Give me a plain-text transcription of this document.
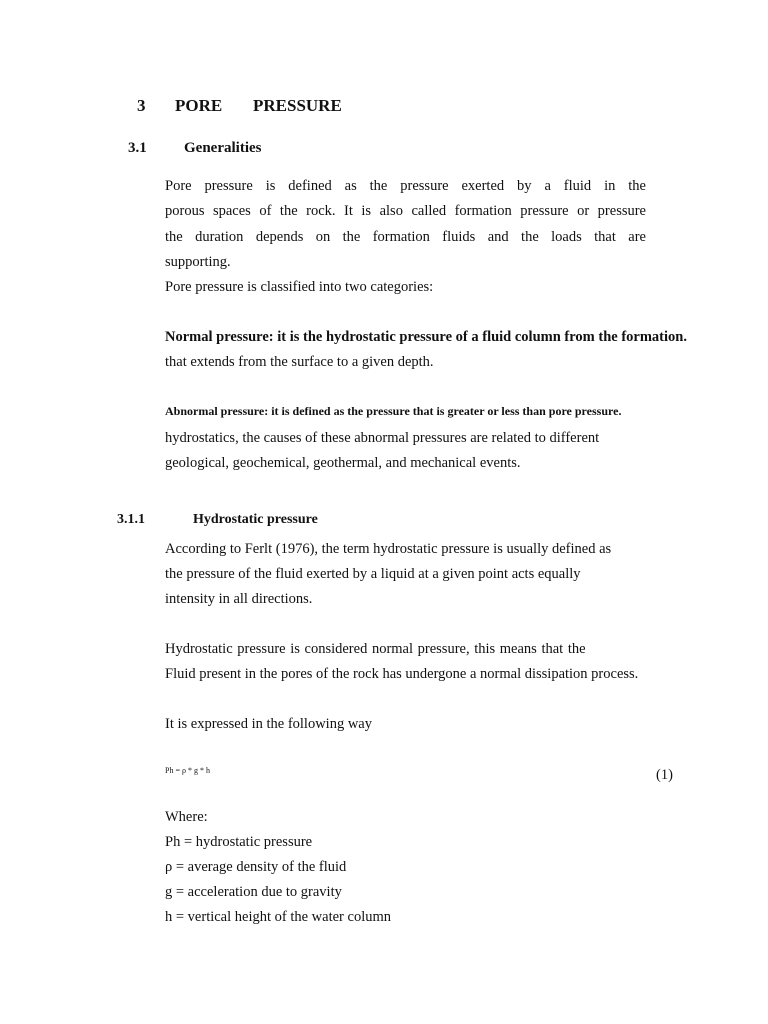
3 PORE PRESSURE
3.1 Generalities
Pore pressure is defined as the pressure exerted by a fluid in the
porous spaces of the rock. It is also called formation pressure or pressure
the duration depends on the formation fluids and the loads that are
supporting.
Pore pressure is classified into two categories:
Normal pressure: it is the hydrostatic pressure of a fluid column from the formation.
that extends from the surface to a given depth.
Abnormal pressure: it is defined as the pressure that is greater or less than pore pressure.
hydrostatics, the causes of these abnormal pressures are related to different
geological, geochemical, geothermal, and mechanical events.
3.1.1	Hydrostatic pressure
According to Ferlt (1976), the term hydrostatic pressure is usually defined as
the pressure of the fluid exerted by a liquid at a given point acts equally
intensity in all directions.
Hydrostatic pressure is considered normal pressure, this means that the
Fluid present in the pores of the rock has undergone a normal dissipation process.
It is expressed in the following way
Ph = ρ * g * h	(1)
Where:
Ph = hydrostatic pressure
ρ = average density of the fluid
g = acceleration due to gravity
h = vertical height of the water column
